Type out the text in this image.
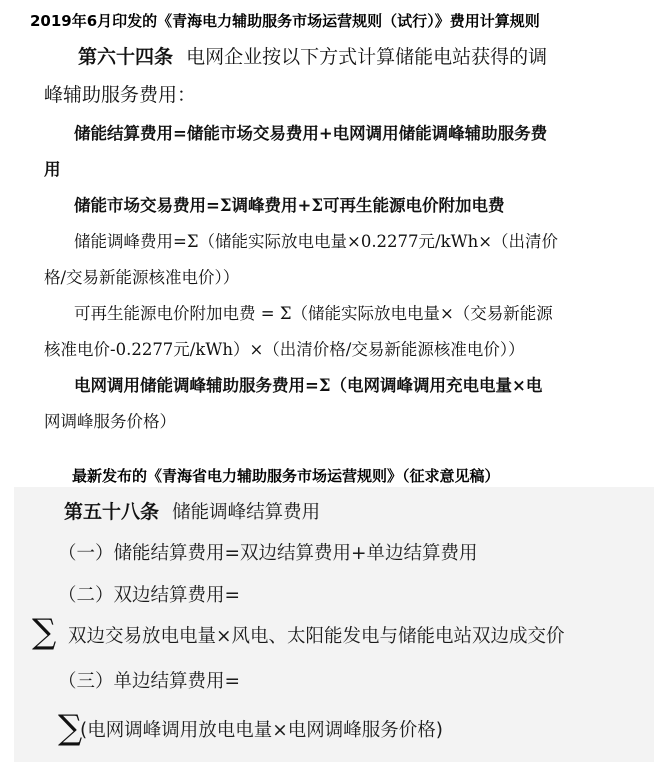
2019年6月印发的《青海电力辅助服务市场运营规则（试行）》费用计算规则
第六十四条 电网企业按以下方式计算储能电站获得的调
峰辅助服务费用：
储能结算费用=储能市场交易费用+电网调用储能调峰辅助服务费
用
储能市场交易费用=Σ调峰费用+Σ可再生能源电价附加电费
储能调峰费用=Σ（储能实际放电电量×0.2277元/kWh×（出清价
格/交易新能源核准电价））
可再生能源电价附加电费 = Σ（储能实际放电电量×（交易新能源
核准电价-0.2277元/kWh）×（出清价格/交易新能源核准电价））
电网调用储能调峰辅助服务费用=Σ（电网调峰调用充电电量×电
网调峰服务价格）
最新发布的《青海省电力辅助服务市场运营规则》（征求意见稿）
第五十八条 储能调峰结算费用
（一）储能结算费用=双边结算费用+单边结算费用
（二）双边结算费用=
∑ 双边交易放电电量×风电、太阳能发电与储能电站双边成交价
（三）单边结算费用=
∑
(电网调峰调用放电电量×电网调峰服务价格)
